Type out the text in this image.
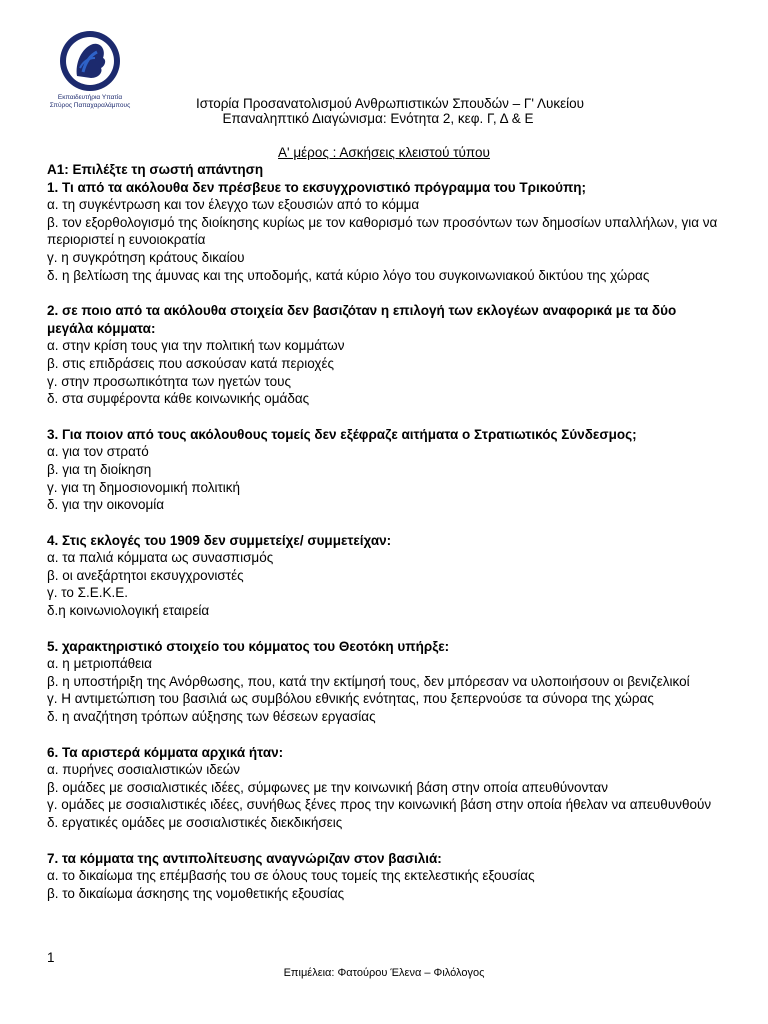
Εκπαιδευτήρια Υπατία
Σπύρος Παπαχαραλάμπους	Ιστορία Προσανατολισμού Ανθρωπιστικών Σπουδών – Γ' Λυκείου

Επαναληπτικό Διαγώνισμα: Ενότητα 2, κεφ. Γ, Δ & Ε

Α' μέρος : Ασκήσεις κλειστού τύπου

Α1: Επιλέξτε τη σωστή απάντηση

1. Τι από τα ακόλουθα δεν πρέσβευε το εκσυγχρονιστικό πρόγραμμα του Τρικούπη;

α. τη συγκέντρωση και τον έλεγχο των εξουσιών από το κόμμα

β. τον εξορθολογισμό της διοίκησης κυρίως με τον καθορισμό των προσόντων των δημοσίων υπαλλήλων, για να περιοριστεί η ευνοιοκρατία

γ. η συγκρότηση κράτους δικαίου

δ. η βελτίωση της άμυνας και της υποδομής, κατά κύριο λόγο του συγκοινωνιακού δικτύου της χώρας

2. σε ποιο από τα ακόλουθα στοιχεία δεν βασιζόταν η επιλογή των εκλογέων αναφορικά με τα δύο μεγάλα κόμματα:

α. στην κρίση τους για την πολιτική των κομμάτων

β. στις επιδράσεις που ασκούσαν κατά περιοχές

γ. στην προσωπικότητα των ηγετών τους

δ. στα συμφέροντα κάθε κοινωνικής ομάδας

3. Για ποιον από τους ακόλουθους τομείς δεν εξέφραζε αιτήματα ο Στρατιωτικός Σύνδεσμος;

α. για τον στρατό

β. για τη διοίκηση

γ. για τη δημοσιονομική πολιτική

δ. για την οικονομία

4. Στις εκλογές του 1909 δεν συμμετείχε/ συμμετείχαν:

α. τα παλιά κόμματα ως συνασπισμός

β. οι ανεξάρτητοι εκσυγχρονιστές

γ. το Σ.Ε.Κ.Ε.

δ.η κοινωνιολογική εταιρεία

5. χαρακτηριστικό στοιχείο του κόμματος του Θεοτόκη υπήρξε:

α. η μετριοπάθεια

β. η υποστήριξη της Ανόρθωσης, που, κατά την εκτίμησή τους, δεν μπόρεσαν να υλοποιήσουν οι βενιζελικοί

γ. Η αντιμετώπιση του βασιλιά ως συμβόλου εθνικής ενότητας, που ξεπερνούσε τα σύνορα της χώρας

δ. η αναζήτηση τρόπων αύξησης των θέσεων εργασίας

6. Τα αριστερά κόμματα αρχικά ήταν:

α. πυρήνες σοσιαλιστικών ιδεών

β. ομάδες με σοσιαλιστικές ιδέες, σύμφωνες με την κοινωνική βάση στην οποία απευθύνονταν

γ. ομάδες με σοσιαλιστικές ιδέες, συνήθως ξένες προς την κοινωνική βάση στην οποία ήθελαν να απευθυνθούν

δ. εργατικές ομάδες με σοσιαλιστικές διεκδικήσεις

7. τα κόμματα της αντιπολίτευσης αναγνώριζαν στον βασιλιά:

α. το δικαίωμα της επέμβασής του σε όλους τους τομείς της εκτελεστικής εξουσίας

β. το δικαίωμα άσκησης της νομοθετικής εξουσίας

1
Επιμέλεια: Φατούρου Έλενα – Φιλόλογος
